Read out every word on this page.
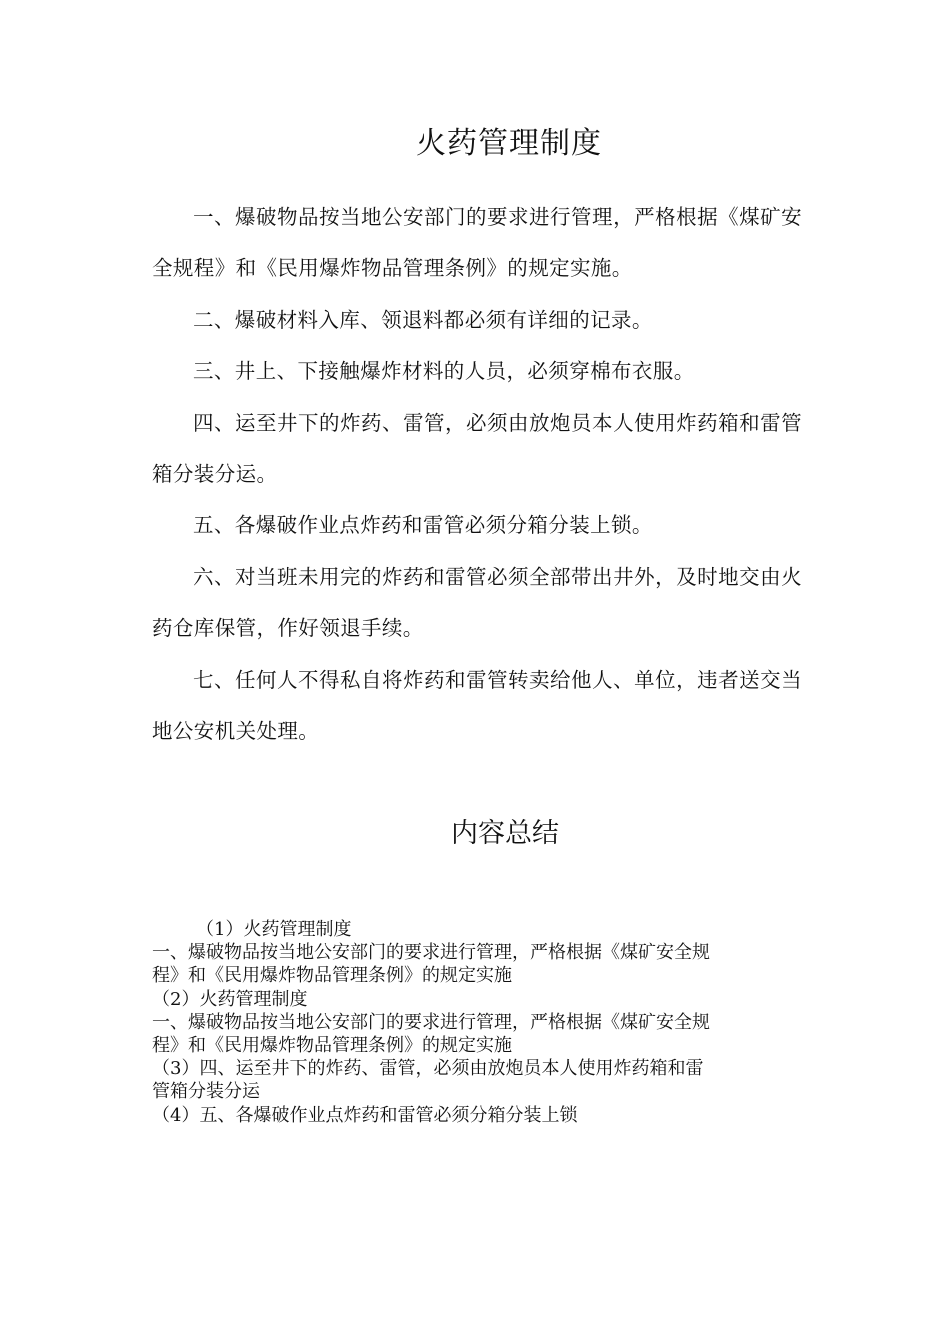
火药管理制度

一、爆破物品按当地公安部门的要求进行管理，严格根据《煤矿安全规程》和《民用爆炸物品管理条例》的规定实施。

二、爆破材料入库、领退料都必须有详细的记录。

三、井上、下接触爆炸材料的人员，必须穿棉布衣服。

四、运至井下的炸药、雷管，必须由放炮员本人使用炸药箱和雷管箱分装分运。

五、各爆破作业点炸药和雷管必须分箱分装上锁。

六、对当班未用完的炸药和雷管必须全部带出井外，及时地交由火药仓库保管，作好领退手续。

七、任何人不得私自将炸药和雷管转卖给他人、单位，违者送交当地公安机关处理。

内容总结

（1）火药管理制度

一、爆破物品按当地公安部门的要求进行管理，严格根据《煤矿安全规

程》和《民用爆炸物品管理条例》的规定实施

（2）火药管理制度

一、爆破物品按当地公安部门的要求进行管理，严格根据《煤矿安全规

程》和《民用爆炸物品管理条例》的规定实施

（3）四、运至井下的炸药、雷管，必须由放炮员本人使用炸药箱和雷

管箱分装分运

（4）五、各爆破作业点炸药和雷管必须分箱分装上锁
